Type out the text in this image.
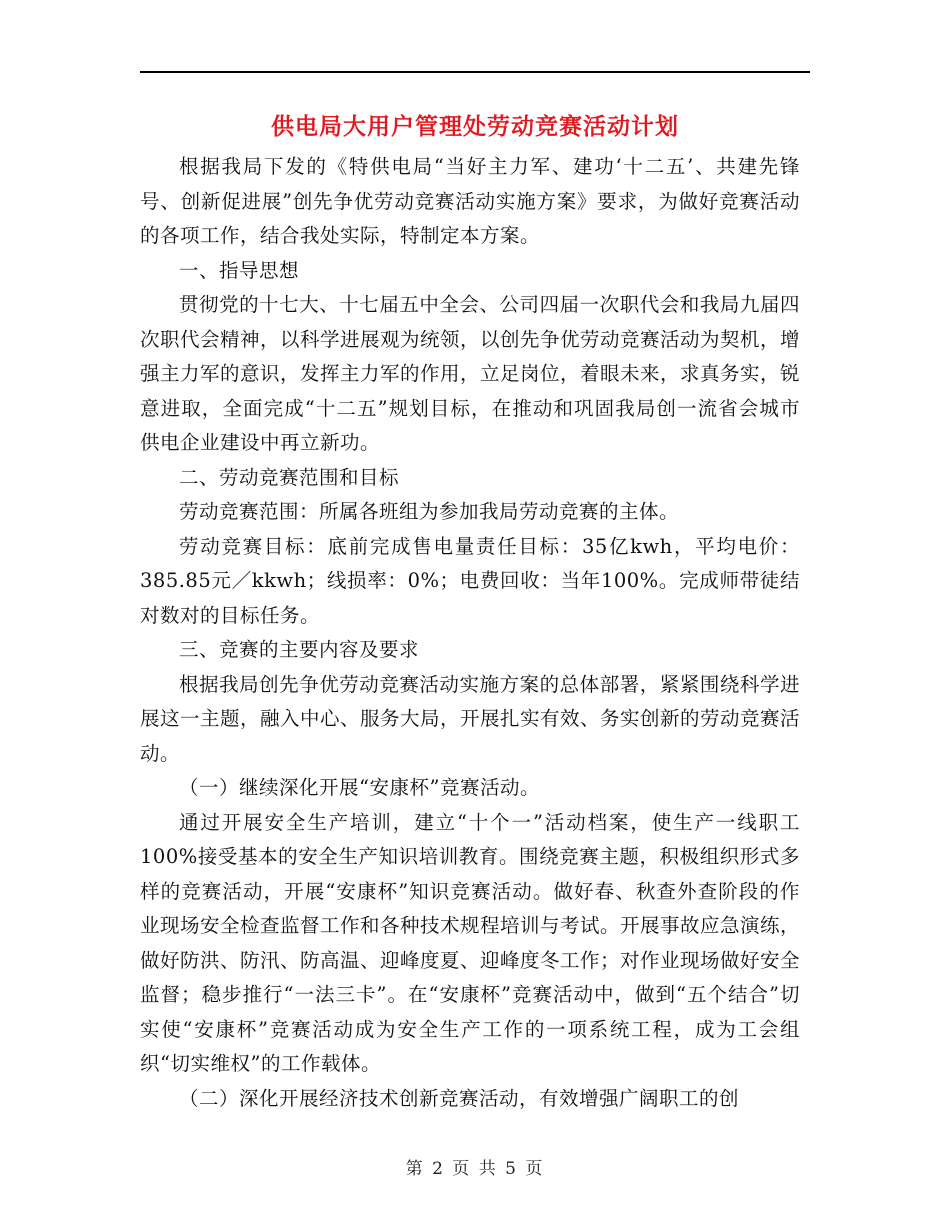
供电局大用户管理处劳动竞赛活动计划

根据我局下发的《特供电局“当好主力军、建功‘十二五’、共建先锋号、创新促进展”创先争优劳动竞赛活动实施方案》要求，为做好竞赛活动的各项工作，结合我处实际，特制定本方案。

一、指导思想

贯彻党的十七大、十七届五中全会、公司四届一次职代会和我局九届四次职代会精神，以科学进展观为统领，以创先争优劳动竞赛活动为契机，增强主力军的意识，发挥主力军的作用，立足岗位，着眼未来，求真务实，锐意进取，全面完成“十二五”规划目标，在推动和巩固我局创一流省会城市供电企业建设中再立新功。

二、劳动竞赛范围和目标

劳动竞赛范围：所属各班组为参加我局劳动竞赛的主体。

劳动竞赛目标：底前完成售电量责任目标：35亿kwh，平均电价：385.85元／kkwh；线损率：0%；电费回收：当年100%。完成师带徒结对数对的目标任务。

三、竞赛的主要内容及要求

根据我局创先争优劳动竞赛活动实施方案的总体部署，紧紧围绕科学进展这一主题，融入中心、服务大局，开展扎实有效、务实创新的劳动竞赛活动。

（一）继续深化开展“安康杯”竞赛活动。

通过开展安全生产培训，建立“十个一”活动档案，使生产一线职工100%接受基本的安全生产知识培训教育。围绕竞赛主题，积极组织形式多样的竞赛活动，开展“安康杯”知识竞赛活动。做好春、秋查外查阶段的作业现场安全检查监督工作和各种技术规程培训与考试。开展事故应急演练，做好防洪、防汛、防高温、迎峰度夏、迎峰度冬工作；对作业现场做好安全监督；稳步推行“一法三卡”。在“安康杯”竞赛活动中，做到“五个结合”切实使“安康杯”竞赛活动成为安全生产工作的一项系统工程，成为工会组织“切实维权”的工作载体。

（二）深化开展经济技术创新竞赛活动，有效增强广阔职工的创

第 2 页 共 5 页
